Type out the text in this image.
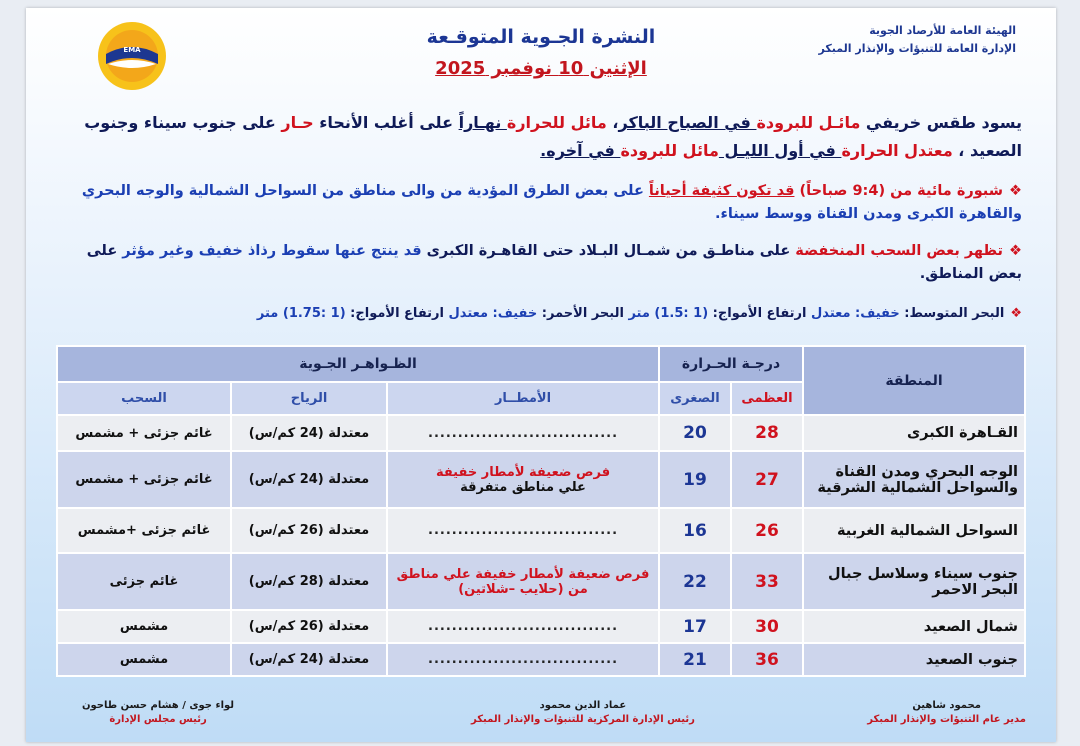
الهيئة العامة للأرصاد الجوية
الإدارة العامة للتنبؤات والإنذار المبكر
النشرة الجـوية المتوقـعة
الإثنين 10 نوفمبر 2025
EMA
يسود طقس خريفي مائـل للبرودة في الصباح الباكر، مائل للحرارة نهـاراً على أغلب الأنحاء حـار على جنوب سيناء وجنوب الصعيد ، معتدل الحرارة في أول الليـل مائل للبرودة في آخره.
❖شبورة مائية من (9:4 صباحاً) قد تكون كثيفة أحياناً على بعض الطرق المؤدية من والى مناطق من السواحل الشمالية والوجه البحري والقاهرة الكبرى ومدن القناة ووسط سيناء.
❖تظهر بعض السحب المنخفضة على مناطـق من شمـال البـلاد حتى القاهـرة الكبرى قد ينتج عنها سقوط رذاذ خفيف وغير مؤثر على بعض المناطق.
❖البحر المتوسط: خفيف: معتدل ارتفاع الأمواج: (1 :1.5) متر البحر الأحمر: خفيف: معتدل ارتفاع الأمواج: (1 :1.75) متر
المنطقة	درجـة الحـرارة		الظـواهـر الجـوية		
	العظمى	الصغرى	الأمطــار	الرياح	السحب
القـاهرة الكبرى	28	20	................................	معتدلة (24 كم/س)	غائم جزئى + مشمس
الوجه البحري ومدن القناة والسواحل الشمالية الشرقية	27	19	فرص ضعيفة لأمطار خفيفة
علي مناطق متفرقة	معتدلة (24 كم/س)	غائم جزئى + مشمس
السواحل الشمالية الغربية	26	16	................................	معتدلة (26 كم/س)	غائم جزئى +مشمس
جنوب سيناء وسلاسل جبال البحر الاحمر	33	22	فرص ضعيفة لأمطار خفيفة علي مناطق من (حلايب –شلاتين)	معتدلة (28 كم/س)	غائم جزئى
شمال الصعيد	30	17	................................	معتدلة (26 كم/س)	مشمس
جنوب الصعيد	36	21	................................	معتدلة (24 كم/س)	مشمس
محمود شاهين
مدير عام التنبؤات والإنذار المبكر
عماد الدين محمود
رئيس الإدارة المركزية للتنبؤات والإنذار المبكر
لواء جوى / هشام حسن طاحون
رئيس مجلس الإدارة
